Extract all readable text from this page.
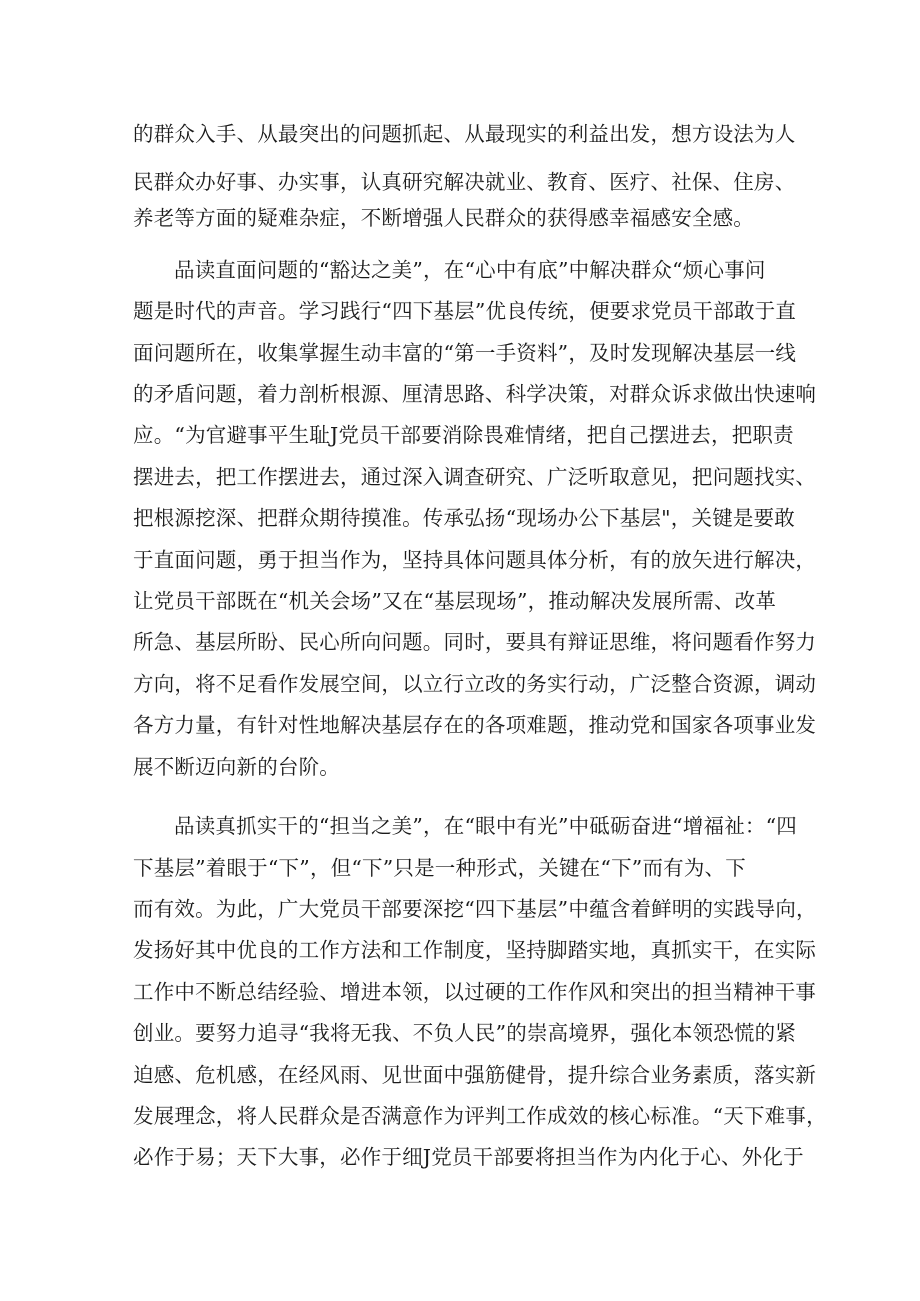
的群众入手、从最突出的问题抓起、从最现实的利益出发，想方设法为人
民群众办好事、办实事，认真研究解决就业、教育、医疗、社保、住房、
养老等方面的疑难杂症，不断增强人民群众的获得感幸福感安全感。
品读直面问题的“豁达之美”，在“心中有底”中解决群众“烦心事问
题是时代的声音。学习践行“四下基层”优良传统，便要求党员干部敢于直
面问题所在，收集掌握生动丰富的“第一手资料”，及时发现解决基层一线
的矛盾问题，着力剖析根源、厘清思路、科学决策，对群众诉求做出快速响
应。“为官避事平生耻J党员干部要消除畏难情绪，把自己摆进去，把职责
摆进去，把工作摆进去，通过深入调查研究、广泛听取意见，把问题找实、
把根源挖深、把群众期待摸准。传承弘扬“现场办公下基层"，关键是要敢
于直面问题，勇于担当作为，坚持具体问题具体分析，有的放矢进行解决，
让党员干部既在“机关会场”又在“基层现场”，推动解决发展所需、改革
所急、基层所盼、民心所向问题。同时，要具有辩证思维，将问题看作努力
方向，将不足看作发展空间，以立行立改的务实行动，广泛整合资源，调动
各方力量，有针对性地解决基层存在的各项难题，推动党和国家各项事业发
展不断迈向新的台阶。
品读真抓实干的“担当之美”，在“眼中有光”中砥砺奋进“增福祉：“四
下基层”着眼于“下”，但“下”只是一种形式，关键在“下”而有为、下
而有效。为此，广大党员干部要深挖“四下基层”中蕴含着鲜明的实践导向，
发扬好其中优良的工作方法和工作制度，坚持脚踏实地，真抓实干，在实际
工作中不断总结经验、增进本领，以过硬的工作作风和突出的担当精神干事
创业。要努力追寻“我将无我、不负人民”的崇高境界，强化本领恐慌的紧
迫感、危机感，在经风雨、见世面中强筋健骨，提升综合业务素质，落实新
发展理念，将人民群众是否满意作为评判工作成效的核心标准。“天下难事，
必作于易；天下大事，必作于细J党员干部要将担当作为内化于心、外化于
